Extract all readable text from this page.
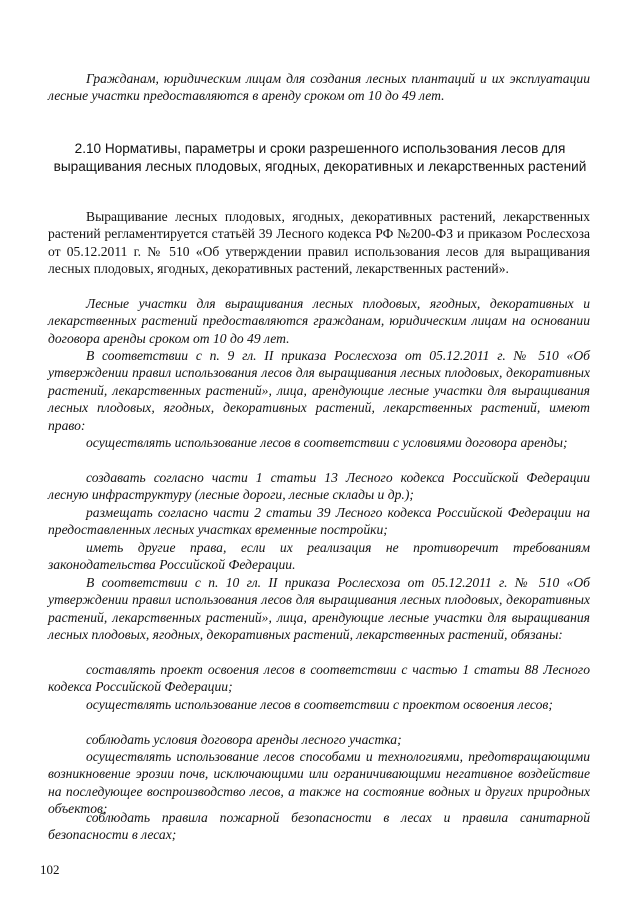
Гражданам, юридическим лицам для создания лесных плантаций и их эксплуатации лесные участки предоставляются в аренду сроком от 10 до 49 лет.

2.10 Нормативы, параметры и сроки разрешенного использования лесов для выращивания лесных плодовых, ягодных, декоративных и лекарственных растений

Выращивание лесных плодовых, ягодных, декоративных растений, лекарственных растений регламентируется статьёй 39 Лесного кодекса РФ №200-ФЗ и приказом Рослесхоза от 05.12.2011 г. № 510 «Об утверждении правил использования лесов для выращивания лесных плодовых, ягодных, декоративных растений, лекарственных растений».

Лесные участки для выращивания лесных плодовых, ягодных, декоративных и лекарственных растений предоставляются гражданам, юридическим лицам на основании договора аренды сроком от 10 до 49 лет.

В соответствии с п. 9 гл. II приказа Рослесхоза от 05.12.2011 г. № 510 «Об утверждении правил использования лесов для выращивания лесных плодовых, декоративных растений, лекарственных растений», лица, арендующие лесные участки для выращивания лесных плодовых, ягодных, декоративных растений, лекарственных растений, имеют право:

осуществлять использование лесов в соответствии с условиями договора аренды;

создавать согласно части 1 статьи 13 Лесного кодекса Российской Федерации лесную инфраструктуру (лесные дороги, лесные склады и др.);

размещать согласно части 2 статьи 39 Лесного кодекса Российской Федерации на предоставленных лесных участках временные постройки;

иметь другие права, если их реализация не противоречит требованиям законодательства Российской Федерации.

В соответствии с п. 10 гл. II приказа Рослесхоза от 05.12.2011 г. № 510 «Об утверждении правил использования лесов для выращивания лесных плодовых, декоративных растений, лекарственных растений», лица, арендующие лесные участки для выращивания лесных плодовых, ягодных, декоративных растений, лекарственных растений, обязаны:

составлять проект освоения лесов в соответствии с частью 1 статьи 88 Лесного кодекса Российской Федерации;

осуществлять использование лесов в соответствии с проектом освоения лесов;

соблюдать условия договора аренды лесного участка;

осуществлять использование лесов способами и технологиями, предотвращающими возникновение эрозии почв, исключающими или ограничивающими негативное воздействие на последующее воспроизводство лесов, а также на состояние водных и других природных объектов;

соблюдать правила пожарной безопасности в лесах и правила санитарной безопасности в лесах;

102
